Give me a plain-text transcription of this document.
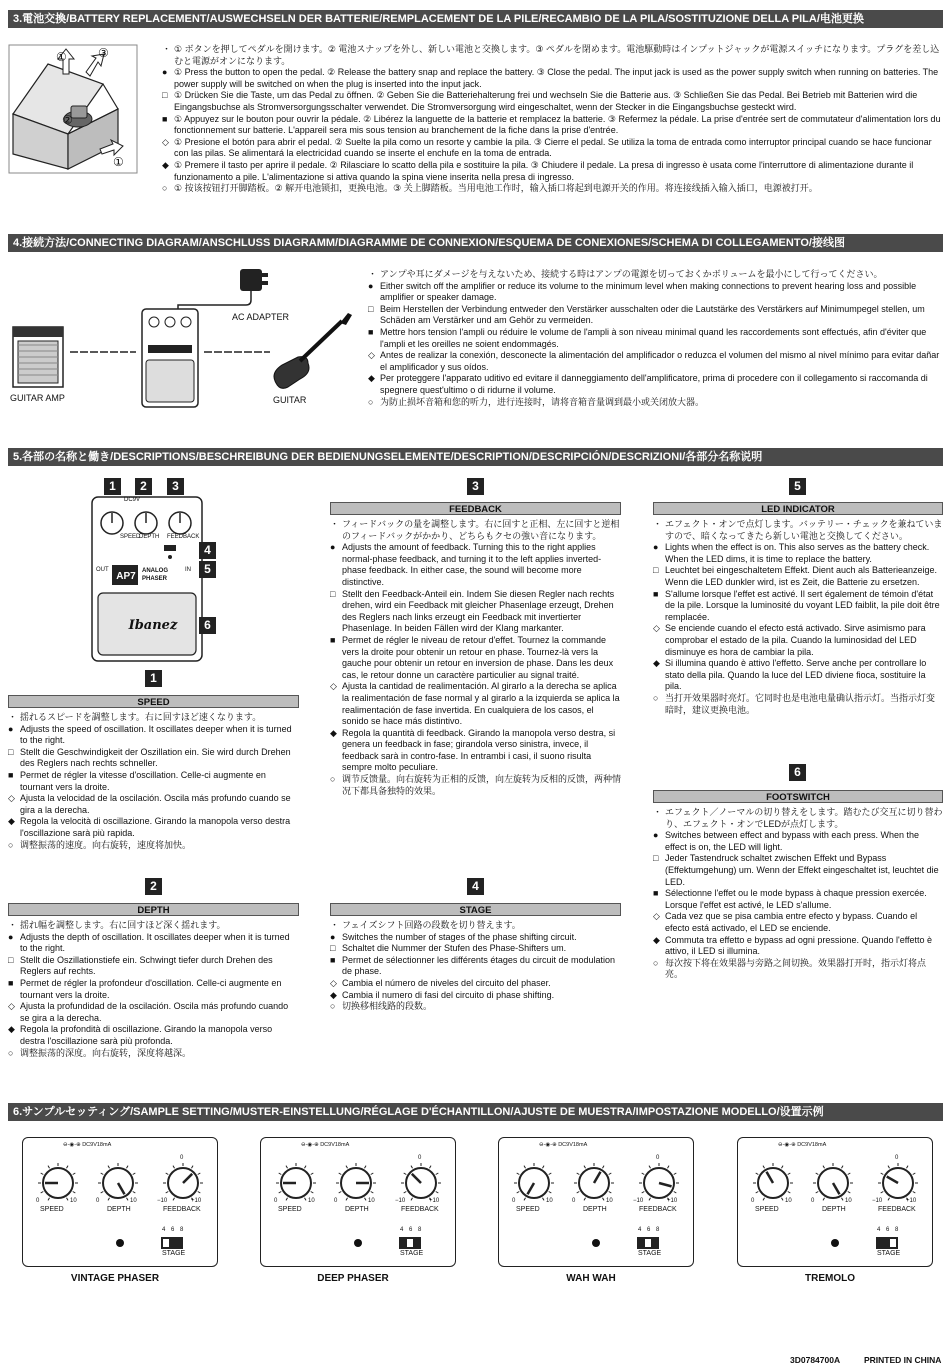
3.電池交換/BATTERY REPLACEMENT/AUSWECHSELN DER BATTERIE/REMPLACEMENT DE LA PILE/RECAMBIO DE LA PILA/SOSTITUZIONE DELLA PILA/电池更换
①
②
③
①
・ ① ボタンを押してペダルを開けます。② 電池スナップを外し、新しい電池と交換します。③ ペダルを閉めます。電池駆動時はインプットジャックが電源スイッチになります。プラグを差し込むと電源がオンになります。
● ① Press the button to open the pedal. ② Release the battery snap and replace the battery. ③ Close the pedal. The input jack is used as the power supply switch when running on batteries. The power supply will be switched on when the plug is inserted into the input jack.
□ ① Drücken Sie die Taste, um das Pedal zu öffnen. ② Geben Sie die Batteriehalterung frei und wechseln Sie die Batterie aus. ③ Schließen Sie das Pedal. Bei Betrieb mit Batterien wird die Eingangsbuchse als Stromversorgungsschalter verwendet. Die Stromversorgung wird eingeschaltet, wenn der Stecker in die Eingangsbuchse gesteckt wird.
■ ① Appuyez sur le bouton pour ouvrir la pédale. ② Libérez la languette de la batterie et remplacez la batterie. ③ Refermez la pédale. La prise d'entrée sert de commutateur d'alimentation lors du fonctionnement sur batterie. L'appareil sera mis sous tension au branchement de la fiche dans la prise d'entrée.
◇ ① Presione el botón para abrir el pedal. ② Suelte la pila como un resorte y cambie la pila. ③ Cierre el pedal. Se utiliza la toma de entrada como interruptor principal cuando se hace funcionar con las pilas. Se alimentará la electricidad cuando se inserte el enchufe en la toma de entrada.
◆ ① Premere il tasto per aprire il pedale. ② Rilasciare lo scatto della pila e sostituire la pila. ③ Chiudere il pedale. La presa di ingresso è usata come l'interruttore di alimentazione durante il funzionamento a pile. L'alimentazione si attiva quando la spina viene inserita nella presa di ingresso.
○ ① 按该按钮打开脚踏板。② 解开电池锁扣，更换电池。③ 关上脚踏板。当用电池工作时，输入插口将起到电源开关的作用。将连接线插入输入插口，电源被打开。
4.接続方法/CONNECTING DIAGRAM/ANSCHLUSS DIAGRAMM/DIAGRAMME DE CONNEXION/ESQUEMA DE CONEXIONES/SCHEMA DI COLLEGAMENTO/接线图
GUITAR AMP
AC ADAPTER
GUITAR
・ アンプや耳にダメージを与えないため、接続する時はアンプの電源を切っておくかボリュームを最小にして行ってください。
● Either switch off the amplifier or reduce its volume to the minimum level when making connections to prevent hearing loss and possible amplifier or speaker damage.
□ Beim Herstellen der Verbindung entweder den Verstärker ausschalten oder die Lautstärke des Verstärkers auf Minimumpegel stellen, um Schäden am Verstärker und am Gehör zu vermeiden.
■ Mettre hors tension l'ampli ou réduire le volume de l'ampli à son niveau minimal quand les raccordements sont effectués, afin d'éviter que l'ampli et les oreilles ne soient endommagés.
◇ Antes de realizar la conexión, desconecte la alimentación del amplificador o reduzca el volumen del mismo al nivel mínimo para evitar dañar el amplificador y sus oídos.
◆ Per proteggere l'apparato uditivo ed evitare il danneggiamento dell'amplificatore, prima di procedere con il collegamento si raccomanda di spegnere quest'ultimo o di ridurne il volume.
○ 为防止损坏音箱和您的听力，进行连接时，请将音箱音量调到最小或关闭放大器。
5.各部の名称と働き/DESCRIPTIONS/BESCHREIBUNG DER BEDIENUNGSELEMENTE/DESCRIPTION/DESCRIPCIÓN/DESCRIZIONI/各部分名称说明
SPEED
DEPTH FEEDBACK
OUT	IN
DC9V
AP7	ANALOG
PHASER
Ibanez
1	2	3
4
5
6
1
SPEED
・ 揺れるスピードを調整します。右に回すほど速くなります。
● Adjusts the speed of oscillation. It oscillates deeper when it is turned to the right.
□ Stellt die Geschwindigkeit der Oszillation ein. Sie wird durch Drehen des Reglers nach rechts schneller.
■ Permet de régler la vitesse d'oscillation. Celle-ci augmente en tournant vers la droite.
◇ Ajusta la velocidad de la oscilación. Oscila más profundo cuando se gira a la derecha.
◆ Regola la velocità di oscillazione. Girando la manopola verso destra l'oscillazione sarà più rapida.
○ 调整振荡的速度。向右旋转，速度将加快。
2
DEPTH
・ 揺れ幅を調整します。右に回すほど深く揺れます。
● Adjusts the depth of oscillation. It oscillates deeper when it is turned to the right.
□ Stellt die Oszillationstiefe ein. Schwingt tiefer durch Drehen des Reglers auf rechts.
■ Permet de régler la profondeur d'oscillation. Celle-ci augmente en tournant vers la droite.
◇ Ajusta la profundidad de la oscilación. Oscila más profundo cuando se gira a la derecha.
◆ Regola la profondità di oscillazione. Girando la manopola verso destra l'oscillazione sarà più profonda.
○ 调整振荡的深度。向右旋转，深度将越深。
3
FEEDBACK
・ フィードバックの量を調整します。右に回すと正相、左に回すと逆相のフィードバックがかかり、どちらもクセの強い音になります。
● Adjusts the amount of feedback. Turning this to the right applies normal-phase feedback, and turning it to the left applies inverted-phase feedback. In either case, the sound will become more distinctive.
□ Stellt den Feedback-Anteil ein. Indem Sie diesen Regler nach rechts drehen, wird ein Feedback mit gleicher Phasenlage erzeugt, Drehen des Reglers nach links erzeugt ein Feedback mit invertierter Phasenlage. In beiden Fällen wird der Klang markanter.
■ Permet de régler le niveau de retour d'effet. Tournez la commande vers la droite pour obtenir un retour en phase. Tournez-là vers la gauche pour obtenir un retour en inversion de phase. Dans les deux cas, le retour donne un caractère particulier au signal traité.
◇ Ajusta la cantidad de realimentación. Al girarlo a la derecha se aplica la realimentación de fase normal y al girarlo a la izquierda se aplica la realimentación de fase invertida. En cualquiera de los casos, el sonido se hace más distintivo.
◆ Regola la quantità di feedback. Girando la manopola verso destra, si genera un feedback in fase; girandola verso sinistra, invece, il feedback sarà in contro-fase. In entrambi i casi, il suono risulta sempre molto peculiare.
○ 调节反馈量。向右旋转为正相的反馈，向左旋转为反相的反馈，两种情况下都具备独特的效果。
4
STAGE
・ フェイズシフト回路の段数を切り替えます。
● Switches the number of stages of the phase shifting circuit.
□ Schaltet die Nummer der Stufen des Phase-Shifters um.
■ Permet de sélectionner les différents étages du circuit de modulation de phase.
◇ Cambia el número de niveles del circuito del phaser.
◆ Cambia il numero di fasi del circuito di phase shifting.
○ 切换移相线路的段数。
5
LED INDICATOR
・ エフェクト・オンで点灯します。バッテリー・チェックを兼ねていますので、暗くなってきたら新しい電池と交換してください。
● Lights when the effect is on. This also serves as the battery check. When the LED dims, it is time to replace the battery.
□ Leuchtet bei eingeschaltetem Effekt. Dient auch als Batterieanzeige. Wenn die LED dunkler wird, ist es Zeit, die Batterie zu ersetzen.
■ S'allume lorsque l'effet est activé. Il sert également de témoin d'état de la pile. Lorsque la luminosité du voyant LED faiblit, la pile doit être remplacée.
◇ Se enciende cuando el efecto está activado. Sirve asimismo para comprobar el estado de la pila. Cuando la luminosidad del LED disminuye es hora de cambiar la pila.
◆ Si illumina quando è attivo l'effetto. Serve anche per controllare lo stato della pila. Quando la luce del LED diviene fioca, sostituire la pila.
○ 当打开效果器时亮灯。它同时也是电池电量确认指示灯。当指示灯变暗时，建议更换电池。
6
FOOTSWITCH
・ エフェクト／ノーマルの切り替えをします。踏むたび交互に切り替わり、エフェクト・オンでLEDが点灯します。
● Switches between effect and bypass with each press. When the effect is on, the LED will light.
□ Jeder Tastendruck schaltet zwischen Effekt und Bypass (Effektumgehung) um. Wenn der Effekt eingeschaltet ist, leuchtet die LED.
■ Sélectionne l'effet ou le mode bypass à chaque pression exercée. Lorsque l'effet est activé, le LED s'allume.
◇ Cada vez que se pisa cambia entre efecto y bypass. Cuando el efecto está activado, el LED se enciende.
◆ Commuta tra effetto e bypass ad ogni pressione. Quando l'effetto è attivo, il LED si illumina.
○ 每次按下将在效果器与旁路之间切换。效果器打开时，指示灯将点亮。
6.サンプルセッティング/SAMPLE SETTING/MUSTER-EINSTELLUNG/RÉGLAGE D'ÉCHANTILLON/AJUSTE DE MUESTRA/IMPOSTAZIONE MODELLO/设置示例
⊖-◉-⊕ DC9V18mA
0	10	0	10
0
−10	+10
SPEED	DEPTH	FEEDBACK
4 6 8
STAGE
VINTAGE PHASER
⊖-◉-⊕ DC9V18mA
0	10	0	10
0
−10	+10
SPEED	DEPTH	FEEDBACK
4 6 8
STAGE
DEEP PHASER
⊖-◉-⊕ DC9V18mA
0	10	0	10
0
−10	+10
SPEED	DEPTH	FEEDBACK
4 6 8
STAGE
WAH WAH
⊖-◉-⊕ DC9V18mA
0	10	0	10
0
−10	+10
SPEED	DEPTH	FEEDBACK
4 6 8
STAGE
TREMOLO
3D0784700A	PRINTED IN CHINA
